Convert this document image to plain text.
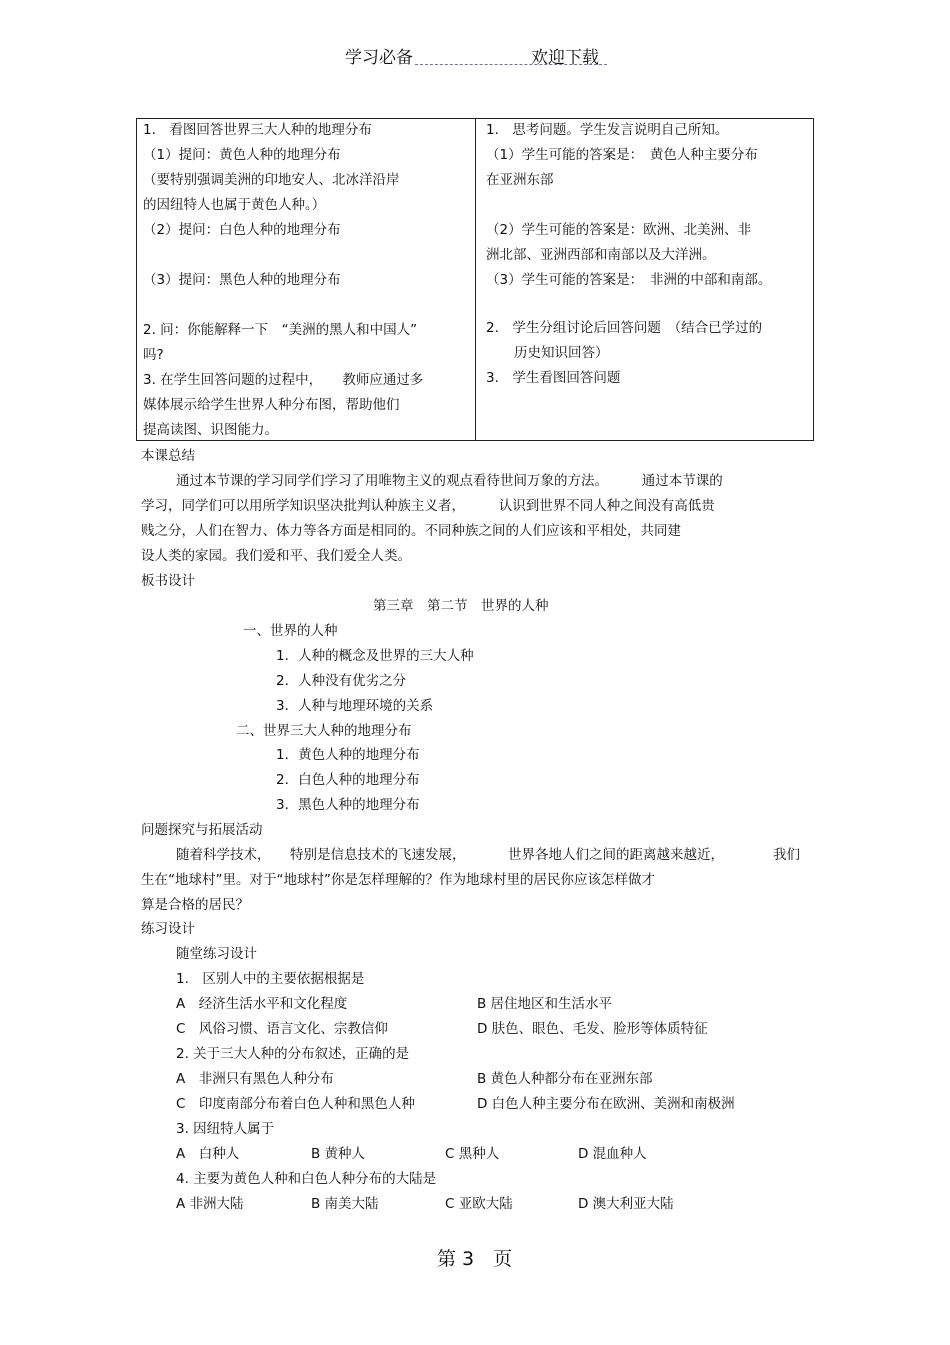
学习必备	欢迎下载
1.　看图回答世界三大人种的地理分布
（1）提问：黄色人种的地理分布
（要特别强调美洲的印地安人、北冰洋沿岸
的因纽特人也属于黄色人种。）
（2）提问：白色人种的地理分布
（3）提问：黑色人种的地理分布
2. 问：你能解释一下　“美洲的黑人和中国人”
吗?
3. 在学生回答问题的过程中，　　教师应通过多
媒体展示给学生世界人种分布图，帮助他们
提高读图、识图能力。

1.　思考问题。学生发言说明自己所知。
（1）学生可能的答案是：　黄色人种主要分布
在亚洲东部
（2）学生可能的答案是：欧洲、北美洲、非
洲北部、亚洲西部和南部以及大洋洲。
（3）学生可能的答案是：　非洲的中部和南部。
2.　学生分组讨论后回答问题　（结合已学过的
历史知识回答）
3.　学生看图回答问题
本课总结
通过本节课的学习同学们学习了用唯物主义的观点看待世间万象的方法。　　　通过本节课的
学习，同学们可以用所学知识坚决批判认种族主义者，　　　认识到世界不同人种之间没有高低贵
贱之分，人们在智力、体力等各方面是相同的。不同种族之间的人们应该和平相处，共同建
设人类的家园。我们爱和平、我们爱全人类。
板书设计
第三章　第二节　世界的人种
一、世界的人种
1．人种的概念及世界的三大人种
2．人种没有优劣之分
3．人种与地理环境的关系
二、世界三大人种的地理分布
1．黄色人种的地理分布
2．白色人种的地理分布
3．黑色人种的地理分布
问题探究与拓展活动
随着科学技术， 特别是信息技术的飞速发展，	世界各地人们之间的距离越来越近，	我们
生在“地球村”里。对于“地球村”你是怎样理解的？作为地球村里的居民你应该怎样做才
算是合格的居民？
练习设计
随堂练习设计
1.　区别人中的主要依据根据是
A　经济生活水平和文化程度	B 居住地区和生活水平
C　风俗习惯、语言文化、宗教信仰	D 肤色、眼色、毛发、脸形等体质特征
2. 关于三大人种的分布叙述，正确的是
A　非洲只有黑色人种分布	B 黄色人种都分布在亚洲东部
C　印度南部分布着白色人种和黑色人种	D 白色人种主要分布在欧洲、美洲和南极洲
3. 因纽特人属于
A　白种人	B 黄种人	C 黑种人	D 混血种人
4. 主要为黄色人种和白色人种分布的大陆是
A 非洲大陆	B 南美大陆	C 亚欧大陆	D 澳大利亚大陆
第 3　页
